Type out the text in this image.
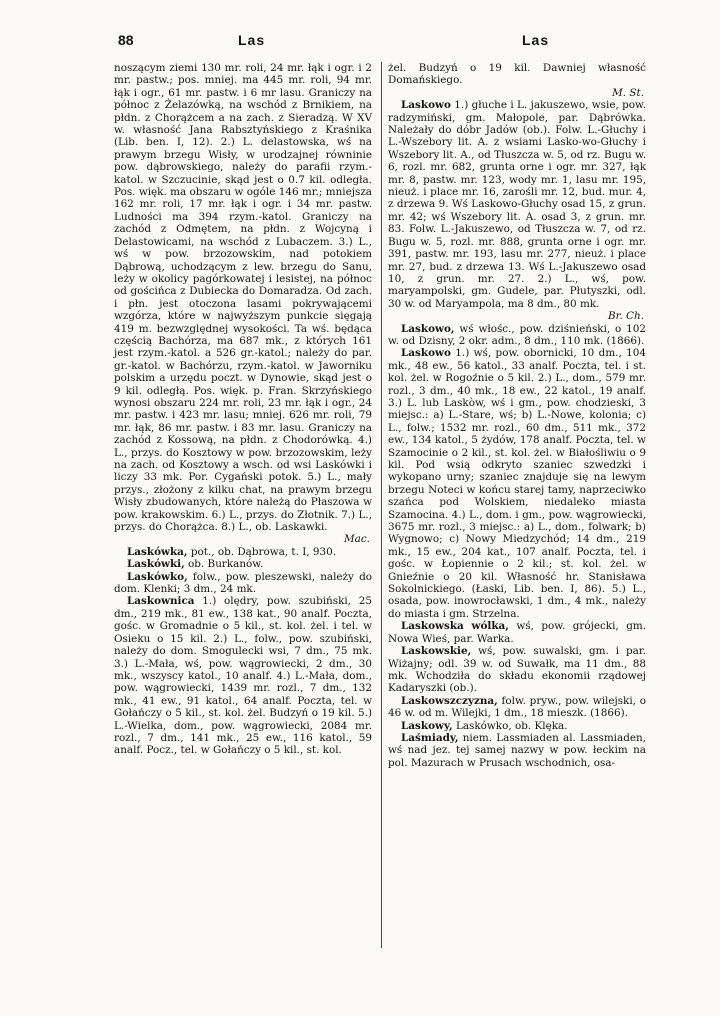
88	Las	Las

noszącym ziemi 130 mr. roli, 24 mr. łąk i ogr. i 2 mr. pastw.; pos. mniej. ma 445 mr. roli, 94 mr. łąk i ogr., 61 mr. pastw. i 6 mr lasu. Graniczy na północ z Żelazówką, na wschód z Brnikiem, na płdn. z Chorążcem a na zach. z Sieradzą. W XV w. własność Jana Rabsztyńskiego z Kraśnika (Lib. ben. I, 12). 2.) L. delastowska, wś na prawym brzegu Wisły, w urodzajnej równinie pow. dąbrowskiego, należy do parafii rzym.-katol. w Szczucinie, skąd jest o 0.7 kil. odległa. Pos. więk. ma obszaru w ogóle 146 mr.; mniejsza 162 mr. roli, 17 mr. łąk i ogr. i 34 mr. pastw. Ludności ma 394 rzym.-katol. Graniczy na zachód z Odmętem, na płdn. z Wojcyną i Delastowicami, na wschód z Lubaczem. 3.) L., wś w pow. brzozowskim, nad potokiem Dąbrową, uchodzącym z lew. brzegu do Sanu, leży w okolicy pagórkowatej i lesistej, na północ od gościńca z Dubiecka do Domaradza. Od zach. i płn. jest otoczona lasami pokrywającemi wzgórza, które w najwyższym punkcie sięgają 419 m. bezwzględnej wysokości. Ta wś. będąca częścią Bachórza, ma 687 mk., z których 161 jest rzym.-katol. a 526 gr.-katol.; należy do par. gr.-katol. w Bachórzu, rzym.-katol. w Jaworniku polskim a urzędu poczt. w Dynowie, skąd jest o 9 kil. odległą. Pos. więk. p. Fran. Skrzyńskiego wynosi obszaru 224 mr. roli, 23 mr. łąk i ogr., 24 mr. pastw. i 423 mr. lasu; mniej. 626 mr. roli, 79 mr. łąk, 86 mr. pastw. i 83 mr. lasu. Graniczy na zachód z Kossową, na płdn. z Chodorówką. 4.) L., przys. do Kosztowy w pow. brzozowskim, leży na zach. od Kosztowy a wsch. od wsi Laskówki i liczy 33 mk. Por. Cygański potok. 5.) L., mały przys., złożony z kilku chat, na prawym brzegu Wisły zbudowanych, które należą do Płaszowa w pow. krakowskim. 6.) L., przys. do Złotnik. 7.) L., przys. do Chorążca. 8.) L., ob. Laskawki.

Mac.

Laskówka, pot., ob. Dąbrowa, t. I, 930.

Laskówki, ob. Burkanów.

Laskówko, folw., pow. pleszewski, należy do dom. Klenki; 3 dm., 24 mk.

Laskownica 1.) olędry, pow. szubiński, 25 dm., 219 mk., 81 ew., 138 kat., 90 analf. Poczta, gośc. w Gromadnie o 5 kil., st. kol. żel. i tel. w Osieku o 15 kil. 2.) L., folw., pow. szubiński, należy do dom. Smogulecki wsi, 7 dm., 75 mk. 3.) L.-Mała, wś, pow. wągrowiecki, 2 dm., 30 mk., wszyscy katol., 10 analf. 4.) L.-Mała, dom., pow. wągrowiecki, 1439 mr. rozl., 7 dm., 132 mk., 41 ew., 91 katol., 64 analf. Poczta, tel. w Gołańczy o 5 kil., st. kol. żel. Budzyń o 19 kil. 5.) L.-Wielka, dom., pow. wągrowiecki, 2084 mr. rozl., 7 dm., 141 mk., 25 ew., 116 katol., 59 analf. Pocz., tel. w Gołańczy o 5 kil., st. kol.

żel. Budzyń o 19 kil. Dawniej własność Domańskiego.

M. St.

Laskowo 1.) głuche i L. jakuszewo, wsie, pow. radzymiński, gm. Małopole, par. Dąbrówka. Należały do dóbr Jadów (ob.). Folw. L.-Głuchy i L.-Wszebory lit. A. z wsiami Lasko-wo-Głuchy i Wszebory lit. A., od Tłuszcza w. 5, od rz. Bugu w. 6, rozl. mr. 682, grunta orne i ogr. mr. 327, łąk mr. 8, pastw. mr. 123, wody mr. 1, lasu mr. 195, nieuż. i place mr. 16, zarośli mr. 12, bud. mur. 4, z drzewa 9. Wś Laskowo-Głuchy osad 15, z grun. mr. 42; wś Wszebory lit. A. osad 3, z grun. mr. 83. Folw. L.-Jakuszewo, od Tłuszcza w. 7, od rz. Bugu w. 5, rozl. mr. 888, grunta orne i ogr. mr. 391, pastw. mr. 193, lasu mr. 277, nieuż. i place mr. 27, bud. z drzewa 13. Wś L.-Jakuszewo osad 10, z grun. mr. 27. 2.) L., wś, pow. maryampolski, gm. Gudele, par. Płutyszki, odl. 30 w. od Maryampola, ma 8 dm., 80 mk.

Br. Ch.

Laskowo, wś włośc., pow. dziśnieński, o 102 w. od Dzisny, 2 okr. adm., 8 dm., 110 mk. (1866).

Laskowo 1.) wś, pow. obornicki, 10 dm., 104 mk., 48 ew., 56 katol., 33 analf. Poczta, tel. i st. kol. żel. w Rogoźnie o 5 kil. 2.) L., dom., 579 mr. rozl., 3 dm., 40 mk., 18 ew., 22 katol., 19 analf. 3.) L. lub Laskòw, wś i gm., pow. chodzieski, 3 miejsc.: a) L.-Stare, wś; b) L.-Nowe, kolonia; c) L., folw.; 1532 mr. rozl., 60 dm., 511 mk., 372 ew., 134 katol., 5 żydów, 178 analf. Poczta, tel. w Szamocinie o 2 kil., st. kol. żel. w Białośliwiu o 9 kil. Pod wsią odkryto szaniec szwedzki i wykopano urny; szaniec znajduje się na lewym brzegu Noteci w końcu starej tamy, naprzeciwko szańca pod Wolskiem, niedaleko miasta Szamocina. 4.) L., dom. i gm., pow. wągrowiecki, 3675 mr. rozl., 3 miejsc.: a) L., dom., folwark; b) Wygnowo; c) Nowy Miedzychód; 14 dm., 219 mk., 15 ew., 204 kat., 107 analf. Poczta, tel. i gośc. w Łopiennie o 2 kil.; st. kol. żel. w Gnieźnie o 20 kil. Własność hr. Stanisława Sokolnickiego. (Łaski, Lib. ben. I, 86). 5.) L., osada, pow. inowrocławski, 1 dm., 4 mk., należy do miasta i gm. Strzelna.

Laskowska wólka, wś, pow. grójecki, gm. Nowa Wieś, par. Warka.

Laskowskie, wś, pow. suwalski, gm. i par. Wiżajny; odl. 39 w. od Suwałk, ma 11 dm., 88 mk. Wchodziła do składu ekonomii rządowej Kadaryszki (ob.).

Laskowszczyzna, folw. pryw., pow. wilejski, o 46 w. od m. Wilejki, 1 dm., 18 mieszk. (1866).

Laskowy, Laskówko, ob. Klęka.

Laśmiady, niem. Lassmiaden al. Lassmiaden, wś nad jez. tej samej nazwy w pow. łeckim na pol. Mazurach w Prusach wschodnich, osa-
